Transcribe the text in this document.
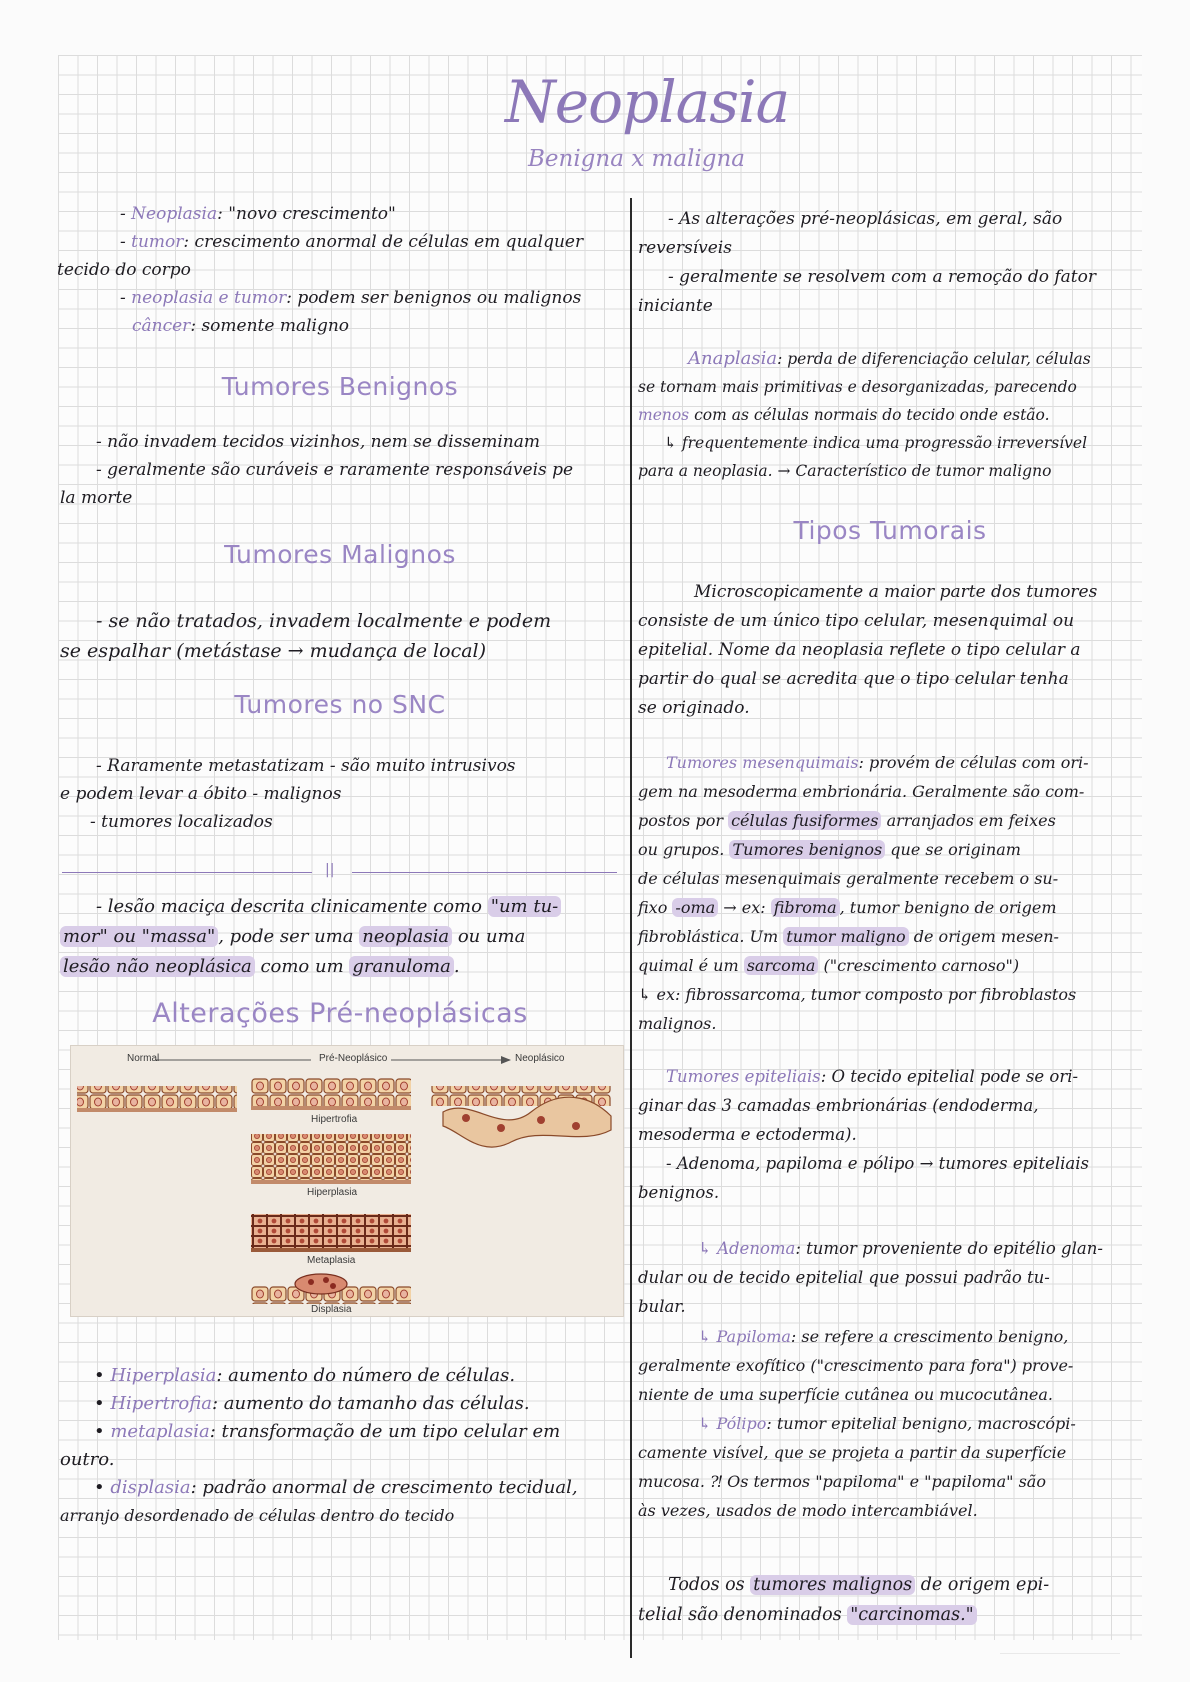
Neoplasia
Benigna x maligna
- Neoplasia: "novo crescimento"
- tumor: crescimento anormal de células em qualquer
tecido do corpo
- neoplasia e tumor: podem ser benignos ou malignos
câncer: somente maligno
Tumores Benignos
- não invadem tecidos vizinhos, nem se disseminam
- geralmente são curáveis e raramente responsáveis pe
la morte
Tumores Malignos
- se não tratados, invadem localmente e podem
se espalhar (metástase → mudança de local)
Tumores no SNC
- Raramente metastatizam - são muito intrusivos
e podem levar a óbito - malignos
- tumores localizados
||
- lesão maciça descrita clinicamente como "um tu-
mor" ou "massa" , pode ser uma neoplasia ou uma
lesão não neoplásica como um granuloma .
Alterações Pré-neoplásicas
Normal	Pré-Neoplásico	Neoplásico
Hipertrofia
Hiperplasia
Metaplasia
Displasia
• Hiperplasia: aumento do número de células.
• Hipertrofia: aumento do tamanho das células.
• metaplasia: transformação de um tipo celular em
outro.
• displasia: padrão anormal de crescimento tecidual,
arranjo desordenado de células dentro do tecido
- As alterações pré-neoplásicas, em geral, são
reversíveis
- geralmente se resolvem com a remoção do fator
iniciante
Anaplasia: perda de diferenciação celular, células
se tornam mais primitivas e desorganizadas, parecendo
menos com as células normais do tecido onde estão.
↳ frequentemente indica uma progressão irreversível
para a neoplasia. → Característico de tumor maligno
Tipos Tumorais
Microscopicamente a maior parte dos tumores
consiste de um único tipo celular, mesenquimal ou
epitelial. Nome da neoplasia reflete o tipo celular a
partir do qual se acredita que o tipo celular tenha
se originado.
Tumores mesenquimais: provém de células com ori-
gem na mesoderma embrionária. Geralmente são com-
postos por células fusiformes arranjados em feixes
ou grupos. Tumores benignos que se originam
de células mesenquimais geralmente recebem o su-
fixo -oma → ex: fibroma , tumor benigno de origem
fibroblástica. Um tumor maligno de origem mesen-
quimal é um sarcoma ("crescimento carnoso")
↳ ex: fibrossarcoma, tumor composto por fibroblastos
malignos.
Tumores epiteliais: O tecido epitelial pode se ori-
ginar das 3 camadas embrionárias (endoderma,
mesoderma e ectoderma).
- Adenoma, papiloma e pólipo → tumores epiteliais
benignos.
↳ Adenoma: tumor proveniente do epitélio glan-
dular ou de tecido epitelial que possui padrão tu-
bular.
↳ Papiloma: se refere a crescimento benigno,
geralmente exofítico ("crescimento para fora") prove-
niente de uma superfície cutânea ou mucocutânea.
↳ Pólipo: tumor epitelial benigno, macroscópi-
camente visível, que se projeta a partir da superfície
mucosa. ⁈ Os termos "papiloma" e "papiloma" são
às vezes, usados de modo intercambiável.
Todos os tumores malignos de origem epi-
telial são denominados "carcinomas."
